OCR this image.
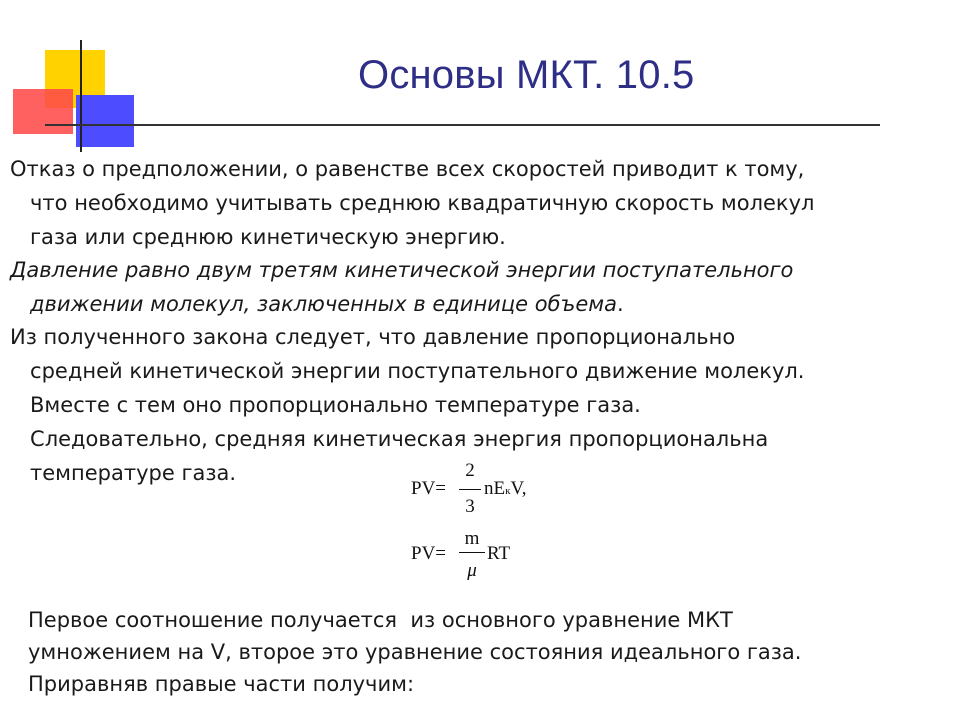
Основы МКТ. 10.5

Отказ о предположении, о равенстве всех скоростей приводит к тому,
что необходимо учитывать среднюю квадратичную скорость молекул
газа или среднюю кинетическую энергию.

Давление равно двум третям кинетической энергии поступательного
движении молекул, заключенных в единице объема.

Из полученного закона следует, что давление пропорционально
средней кинетической энергии поступательного движение молекул.
Вместе с тем оно пропорционально температуре газа.
Следовательно, средняя кинетическая энергия пропорциональна
температуре газа.

PV=
2
3
nEкV,
PV=
m
μ
RT

Первое соотношение получается  из основного уравнение МКТ
умножением на V, второе это уравнение состояния идеального газа.
Приравняв правые части получим:
